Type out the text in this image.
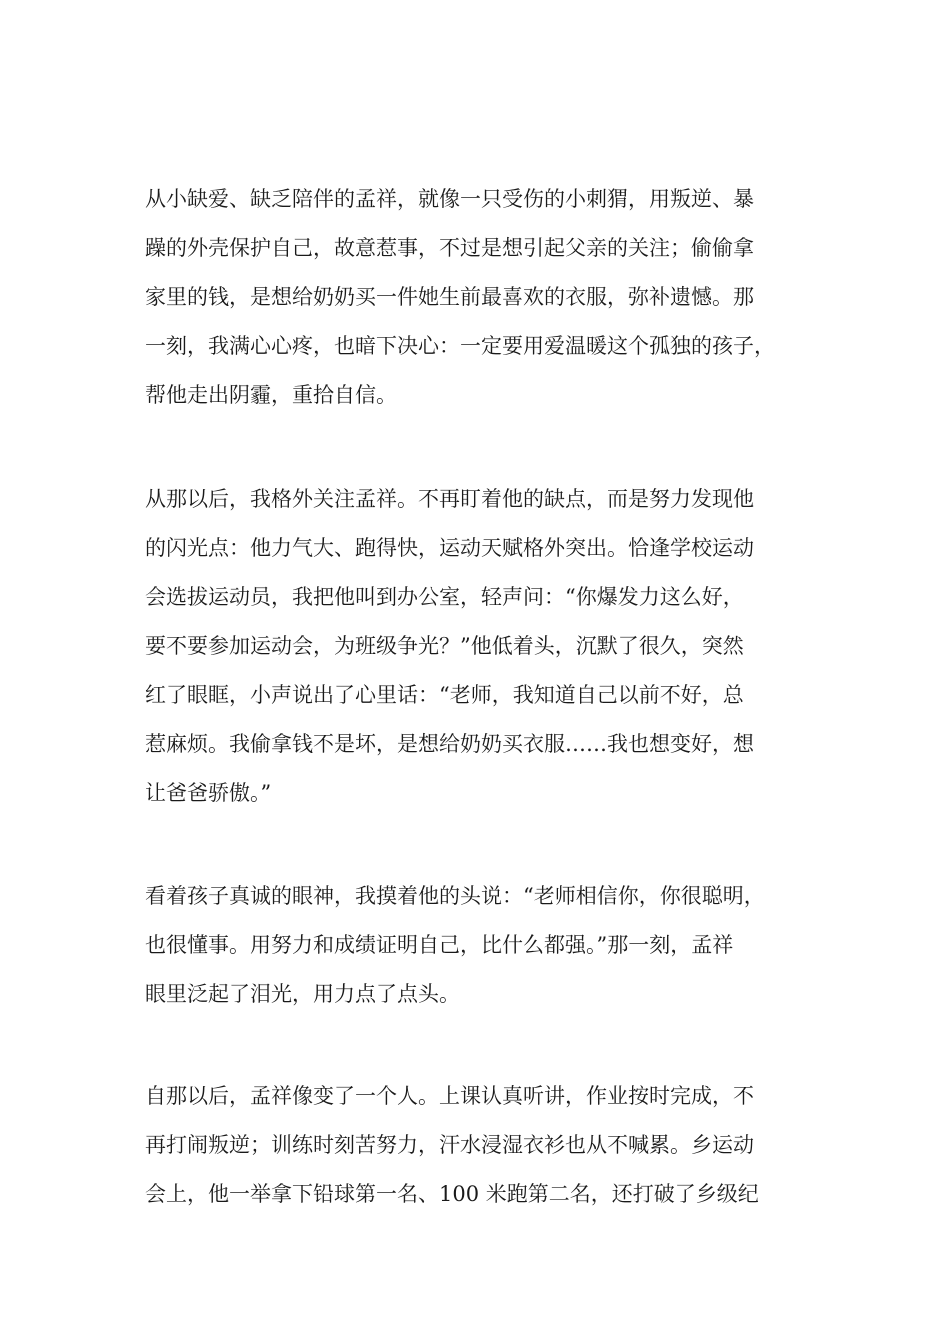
从小缺爱、缺乏陪伴的孟祥，就像一只受伤的小刺猬，用叛逆、暴
躁的外壳保护自己，故意惹事，不过是想引起父亲的关注；偷偷拿
家里的钱，是想给奶奶买一件她生前最喜欢的衣服，弥补遗憾。那
一刻，我满心心疼，也暗下决心：一定要用爱温暖这个孤独的孩子，
帮他走出阴霾，重拾自信。
从那以后，我格外关注孟祥。不再盯着他的缺点，而是努力发现他
的闪光点：他力气大、跑得快，运动天赋格外突出。恰逢学校运动
会选拔运动员，我把他叫到办公室，轻声问：“你爆发力这么好，
要不要参加运动会，为班级争光？”他低着头，沉默了很久，突然
红了眼眶，小声说出了心里话：“老师，我知道自己以前不好，总
惹麻烦。我偷拿钱不是坏，是想给奶奶买衣服……我也想变好，想
让爸爸骄傲。”
看着孩子真诚的眼神，我摸着他的头说：“老师相信你，你很聪明，
也很懂事。用努力和成绩证明自己，比什么都强。”那一刻，孟祥
眼里泛起了泪光，用力点了点头。
自那以后，孟祥像变了一个人。上课认真听讲，作业按时完成，不
再打闹叛逆；训练时刻苦努力，汗水浸湿衣衫也从不喊累。乡运动
会上，他一举拿下铅球第一名、100 米跑第二名，还打破了乡级纪
